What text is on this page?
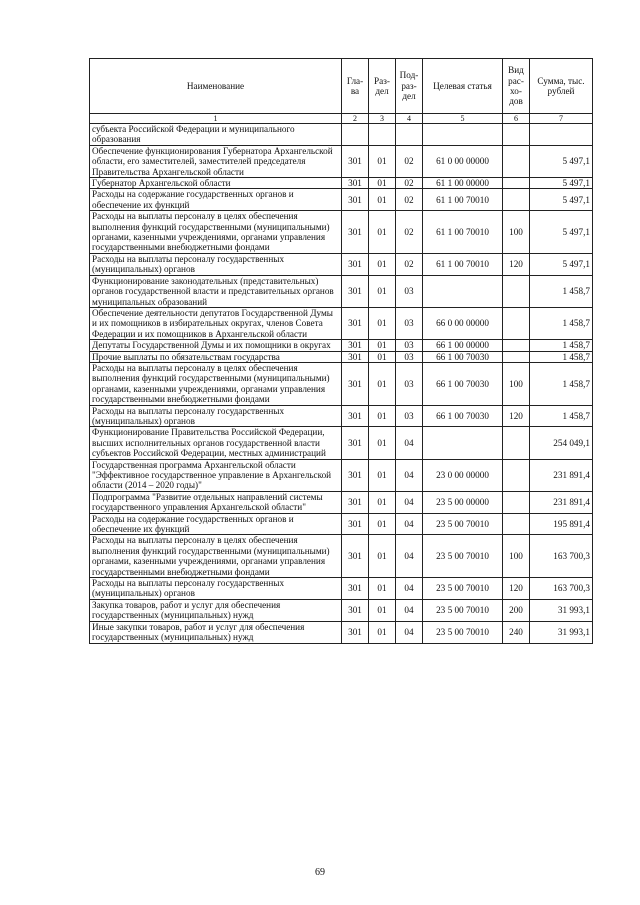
Наименование	Гла-ва	Раз-дел	Под-раз-дел	Целевая статья	Вид рас-хо-дов	Сумма, тыс. рублей
1	2	3	4	5	6	7
субъекта Российской Федерации и муниципального образования						
Обеспечение функционирования Губернатора Архангельской области, его заместителей, заместителей председателя Правительства Архангельской области	301	01	02	61 0 00 00000		5 497,1
Губернатор Архангельской области	301	01	02	61 1 00 00000		5 497,1
Расходы на содержание государственных органов и обеспечение их функций	301	01	02	61 1 00 70010		5 497,1
Расходы на выплаты персоналу в целях обеспечения выполнения функций государственными (муниципальными) органами, казенными учреждениями, органами управления государственными внебюджетными фондами	301	01	02	61 1 00 70010	100	5 497,1
Расходы на выплаты персоналу государственных (муниципальных) органов	301	01	02	61 1 00 70010	120	5 497,1
Функционирование законодательных (представительных) органов государственной власти и представительных органов муниципальных образований	301	01	03			1 458,7
Обеспечение деятельности депутатов Государственной Думы и их помощников в избирательных округах, членов Совета Федерации и их помощников в Архангельской области	301	01	03	66 0 00 00000		1 458,7
Депутаты Государственной Думы и их помощники в округах	301	01	03	66 1 00 00000		1 458,7
Прочие выплаты по обязательствам государства	301	01	03	66 1 00 70030		1 458,7
Расходы на выплаты персоналу в целях обеспечения выполнения функций государственными (муниципальными) органами, казенными учреждениями, органами управления государственными внебюджетными фондами	301	01	03	66 1 00 70030	100	1 458,7
Расходы на выплаты персоналу государственных (муниципальных) органов	301	01	03	66 1 00 70030	120	1 458,7
Функционирование Правительства Российской Федерации, высших исполнительных органов государственной власти субъектов Российской Федерации, местных администраций	301	01	04			254 049,1
Государственная программа Архангельской области "Эффективное государственное управление в Архангельской области (2014 – 2020 годы)"	301	01	04	23 0 00 00000		231 891,4
Подпрограмма "Развитие отдельных направлений системы государственного управления Архангельской области"	301	01	04	23 5 00 00000		231 891,4
Расходы на содержание государственных органов и обеспечение их функций	301	01	04	23 5 00 70010		195 891,4
Расходы на выплаты персоналу в целях обеспечения выполнения функций государственными (муниципальными) органами, казенными учреждениями, органами управления государственными внебюджетными фондами	301	01	04	23 5 00 70010	100	163 700,3
Расходы на выплаты персоналу государственных (муниципальных) органов	301	01	04	23 5 00 70010	120	163 700,3
Закупка товаров, работ и услуг для обеспечения государственных (муниципальных) нужд	301	01	04	23 5 00 70010	200	31 993,1
Иные закупки товаров, работ и услуг для обеспечения государственных (муниципальных) нужд	301	01	04	23 5 00 70010	240	31 993,1
69
